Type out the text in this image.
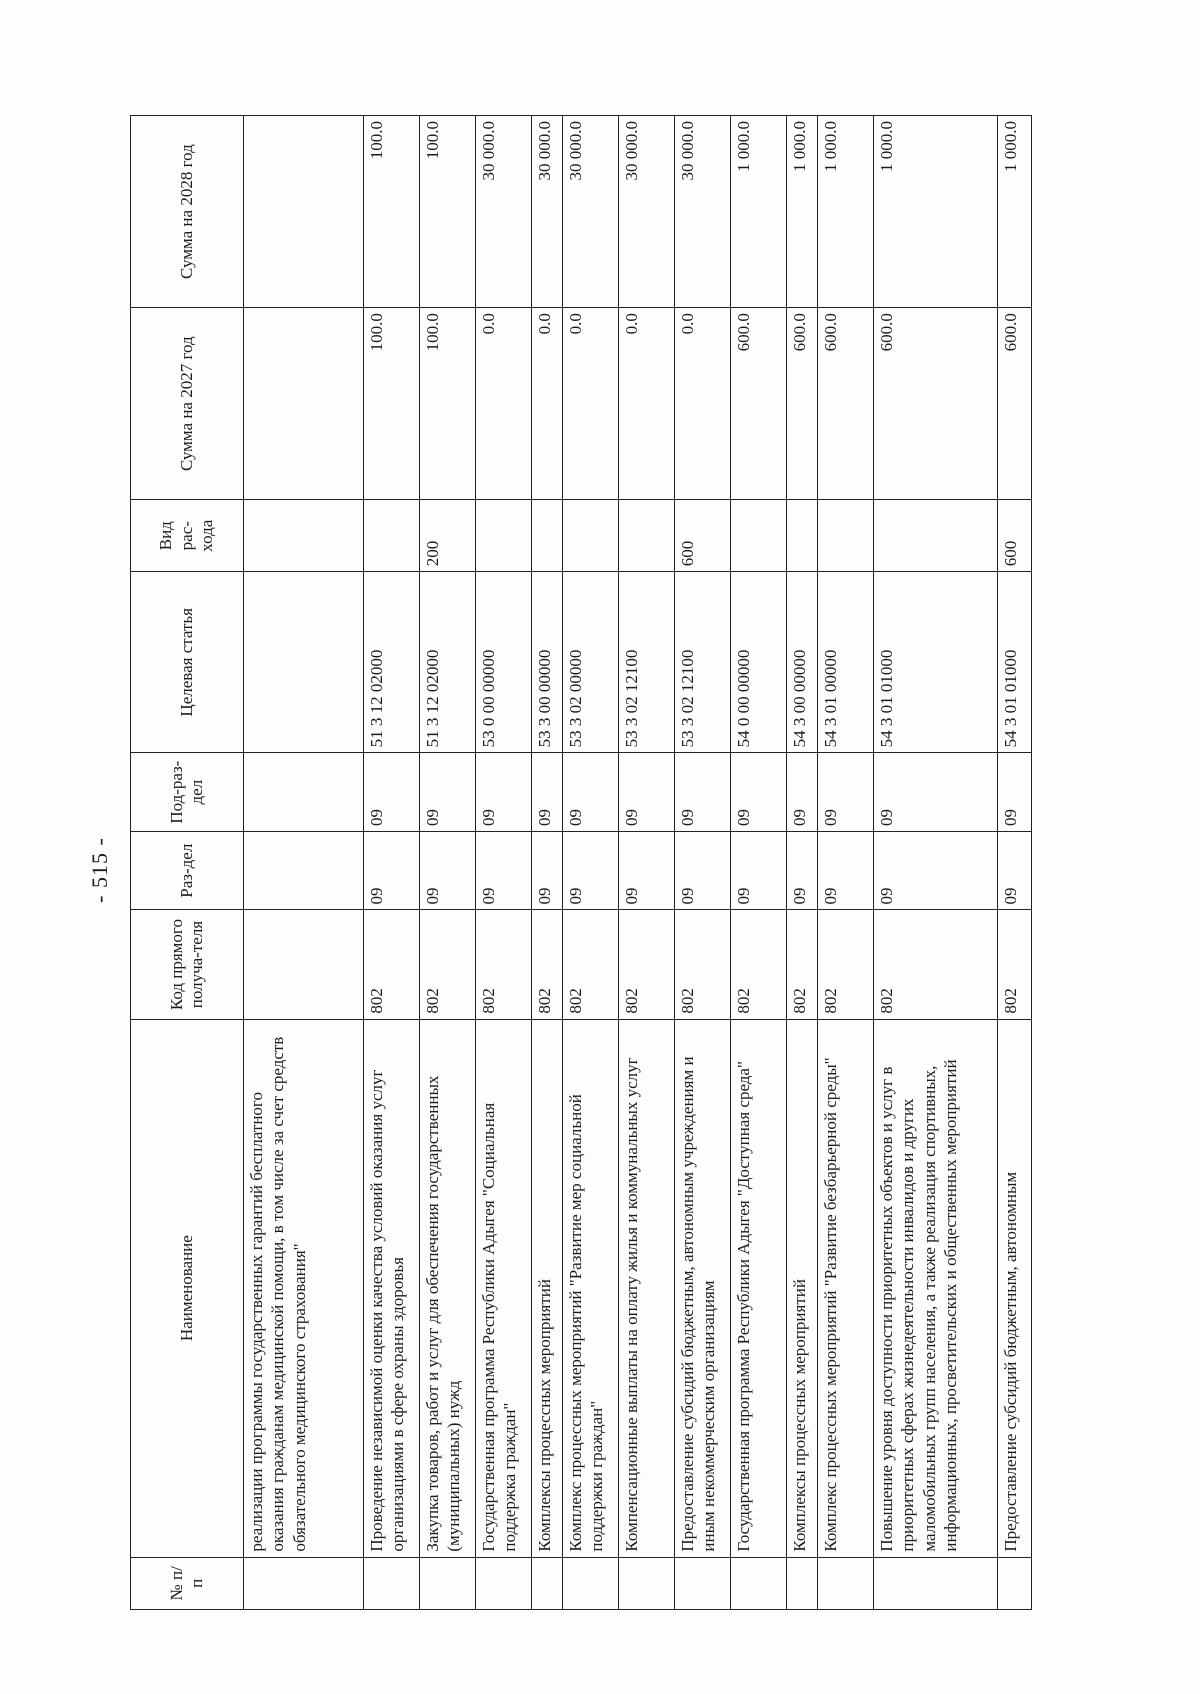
- 515 -
№ п/п	Наименование	Код прямого получа-теля	Раз-дел	Под-раз-дел	Целевая статья	Вид рас-хода	Сумма на 2027 год	Сумма на 2028 год
	реализации программы государственных гарантий бесплатного оказания гражданам медицинской помощи, в том числе за счет средств обязательного медицинского страхования"							
	Проведение независимой оценки качества условий оказания услуг организациями в сфере охраны здоровья	802	09	09	51 3 12 02000		100.0	100.0
	Закупка товаров, работ и услуг для обеспечения государственных (муниципальных) нужд	802	09	09	51 3 12 02000	200	100.0	100.0
	Государственная программа Республики Адыгея "Социальная поддержка граждан"	802	09	09	53 0 00 00000		0.0	30 000.0
	Комплексы процессных мероприятий	802	09	09	53 3 00 00000		0.0	30 000.0
	Комплекс процессных мероприятий "Развитие мер социальной поддержки граждан"	802	09	09	53 3 02 00000		0.0	30 000.0
	Компенсационные выплаты на оплату жилья и коммунальных услуг	802	09	09	53 3 02 12100		0.0	30 000.0
	Предоставление субсидий бюджетным, автономным учреждениям и иным некоммерческим организациям	802	09	09	53 3 02 12100	600	0.0	30 000.0
	Государственная программа Республики Адыгея "Доступная среда"	802	09	09	54 0 00 00000		600.0	1 000.0
	Комплексы процессных мероприятий	802	09	09	54 3 00 00000		600.0	1 000.0
	Комплекс процессных мероприятий "Развитие безбарьерной среды"	802	09	09	54 3 01 00000		600.0	1 000.0
	Повышение уровня доступности приоритетных объектов и услуг в приоритетных сферах жизнедеятельности инвалидов и других маломобильных групп населения, а также реализация спортивных, информационных, просветительских и общественных мероприятий	802	09	09	54 3 01 01000		600.0	1 000.0
	Предоставление субсидий бюджетным, автономным	802	09	09	54 3 01 01000	600	600.0	1 000.0
